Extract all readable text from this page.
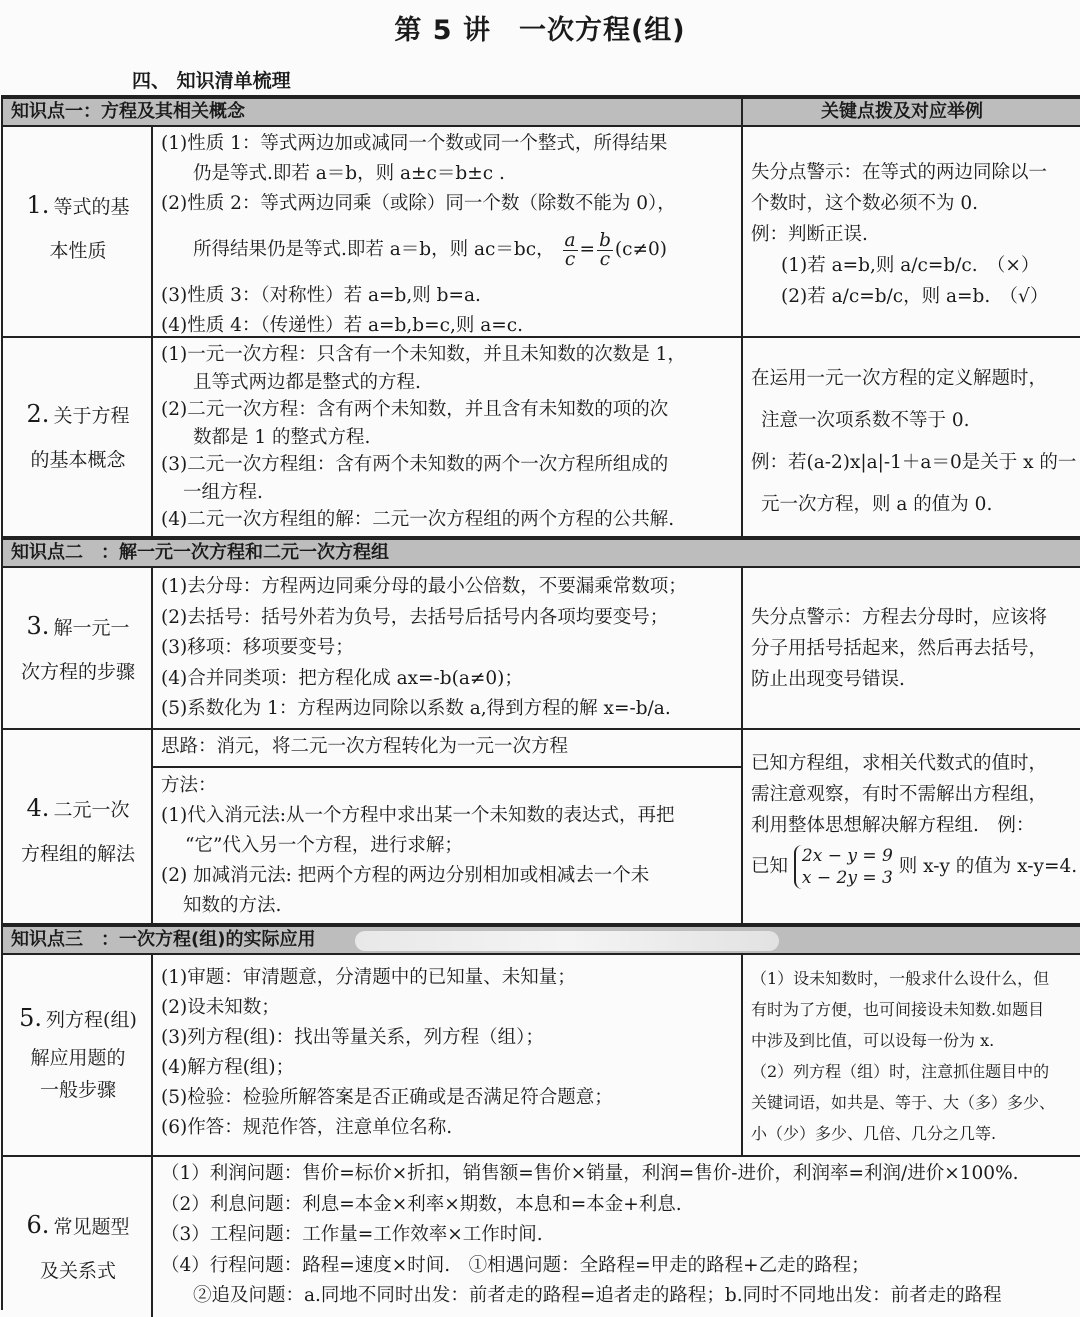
第 5 讲　一次方程(组)
四、 知识清单梳理
知识点一：方程及其相关概念	关键点拨及对应举例
1. 等式的基
本性质

(1)性质 1：等式两边加或减同一个数或同一个整式，所得结果

仍是等式.即若 a＝b，则 a±c＝b±c .

(2)性质 2：等式两边同乘（或除）同一个数（除数不能为 0），

所得结果仍是等式.即若 a＝b，则 ac＝bc， $\frac{a}{c} = \frac{b}{c} (c\ne 0)$

(3)性质 3：（对称性）若 a=b,则 b=a.

(4)性质 4：（传递性）若 a=b,b=c,则 a=c.

失分点警示：在等式的两边同除以一

个数时，这个数必须不为 0.

例：判断正误.

(1)若 a=b,则 a/c=b/c.　（×）

(2)若 a/c=b/c，则 a=b.　（√）

2. 关于方程
的基本概念

(1)一元一次方程：只含有一个未知数，并且未知数的次数是 1，

且等式两边都是整式的方程.

(2)二元一次方程：含有两个未知数，并且含有未知数的项的次

数都是 1 的整式方程.

(3)二元一次方程组：含有两个未知数的两个一次方程所组成的

一组方程.

(4)二元一次方程组的解：二元一次方程组的两个方程的公共解.

在运用一元一次方程的定义解题时，

注意一次项系数不等于 0.

例：若(a-2)x|a|-1＋a＝0是关于 x 的一

元一次方程，则 a 的值为 0.

知识点二　：解一元一次方程和二元一次方程组
3. 解一元一
次方程的步骤

(1)去分母：方程两边同乘分母的最小公倍数，不要漏乘常数项；

(2)去括号：括号外若为负号，去括号后括号内各项均要变号；

(3)移项：移项要变号；

(4)合并同类项：把方程化成 ax=-b(a≠0)；

(5)系数化为 1：方程两边同除以系数 a,得到方程的解 x=-b/a.

失分点警示：方程去分母时，应该将

分子用括号括起来，然后再去括号，

防止出现变号错误.

4. 二元一次
方程组的解法

思路：消元，将二元一次方程转化为一元一次方程

方法：

(1)代入消元法:从一个方程中求出某一个未知数的表达式，再把

“它”代入另一个方程，进行求解；

(2) 加减消元法: 把两个方程的两边分别相加或相减去一个未

知数的方法.

已知方程组，求相关代数式的值时，

需注意观察，有时不需解出方程组，

利用整体思想解决解方程组.　例：

已知 2x − y = 9
x − 2y = 3
则 x-y 的值为 x-y=4.

知识点三　：一次方程(组)的实际应用
5. 列方程(组)
解应用题的
一般步骤

(1)审题：审清题意，分清题中的已知量、未知量；

(2)设未知数；

(3)列方程(组)：找出等量关系，列方程（组）；

(4)解方程(组)；

(5)检验：检验所解答案是否正确或是否满足符合题意；

(6)作答：规范作答，注意单位名称.

（1）设未知数时，一般求什么设什么，但

有时为了方便，也可间接设未知数.如题目

中涉及到比值，可以设每一份为 x.

（2）列方程（组）时，注意抓住题目中的

关键词语，如共是、等于、大（多）多少、

小（少）多少、几倍、几分之几等.

6. 常见题型
及关系式

（1）利润问题：售价=标价×折扣，销售额=售价×销量，利润=售价-进价，利润率=利润/进价×100%.

（2）利息问题：利息=本金×利率×期数，本息和=本金+利息.

（3）工程问题：工作量=工作效率×工作时间.

（4）行程问题：路程=速度×时间.　①相遇问题：全路程=甲走的路程+乙走的路程；

②追及问题：a.同地不同时出发：前者走的路程=追者走的路程；b.同时不同地出发：前者走的路程
